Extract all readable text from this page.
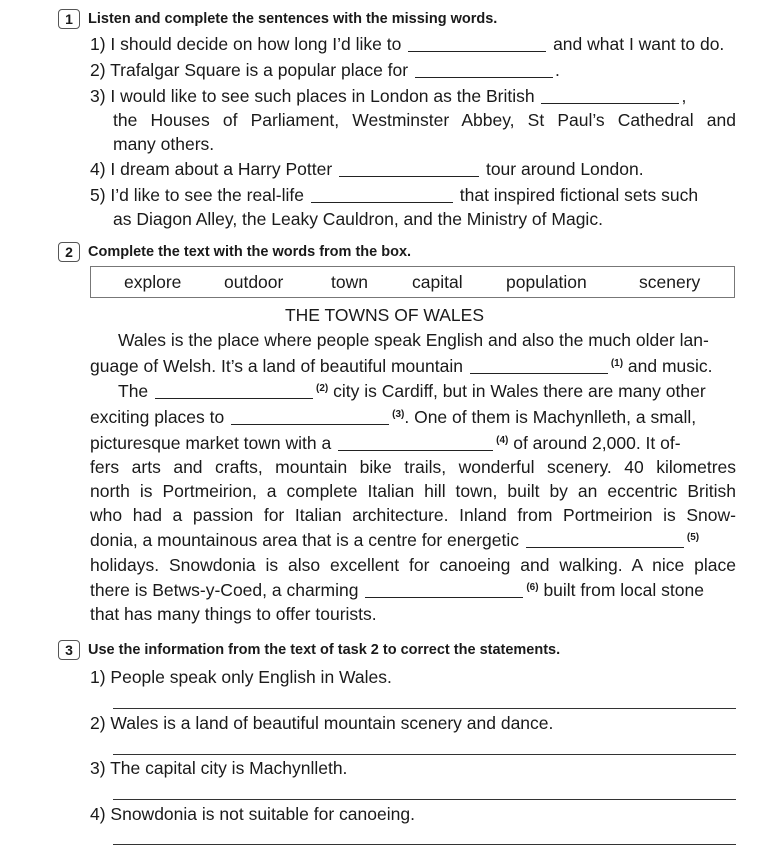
1	Listen and complete the sentences with the missing words.
1) I should decide on how long I’d like to	and what I want to do.
2) Trafalgar Square is a popular place for	.
3) I would like to see such places in London as the British	,
the Houses of Parliament, Westminster Abbey, St Paul’s Cathedral and
many others.
4) I dream about a Harry Potter	tour around London.
5) I’d like to see the real-life	that inspired fictional sets such
as Diagon Alley, the Leaky Cauldron, and the Ministry of Magic.
2	Complete the text with the words from the box.
explore outdoor	town	capital population	scenery
THE TOWNS OF WALES
Wales is the place where people speak English and also the much older lan-
guage of Welsh. It’s a land of beautiful mountain	$^{(1)}$ and music.
The	$^{(2)}$ city is Cardiff, but in Wales there are many other
exciting places to	$^{(3)}$. One of them is Machynlleth, a small,
picturesque market town with a	$^{(4)}$ of around 2,000. It of-
fers arts and crafts, mountain bike trails, wonderful scenery. 40 kilometres
north is Portmeirion, a complete Italian hill town, built by an eccentric British
who had a passion for Italian architecture. Inland from Portmeirion is Snow-
donia, a mountainous area that is a centre for energetic	$^{(5)}$
holidays. Snowdonia is also excellent for canoeing and walking. A nice place
there is Betws-y-Coed, a charming	$^{(6)}$ built from local stone
that has many things to offer tourists.
3	Use the information from the text of task 2 to correct the statements.
1) People speak only English in Wales.
2) Wales is a land of beautiful mountain scenery and dance.
3) The capital city is Machynlleth.
4) Snowdonia is not suitable for canoeing.
